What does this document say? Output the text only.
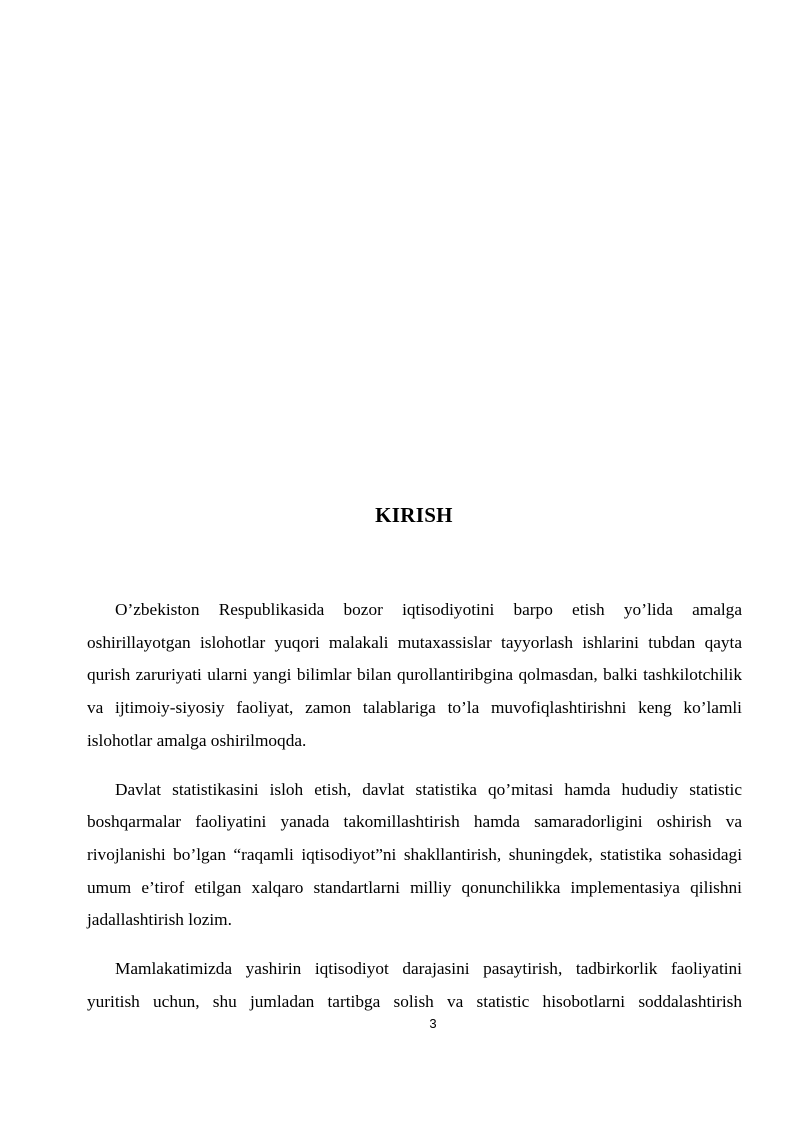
KIRISH

O’zbekiston Respublikasida bozor iqtisodiyotini barpo etish yo’lida amalga oshirillayotgan islohotlar yuqori malakali mutaxassislar tayyorlash ishlarini tubdan qayta qurish zaruriyati ularni yangi bilimlar bilan qurollantiribgina qolmasdan, balki tashkilotchilik va ijtimoiy-siyosiy faoliyat, zamon talablariga to’la muvofiqlashtirishni keng ko’lamli islohotlar amalga oshirilmoqda.

Davlat statistikasini isloh etish, davlat statistika qo’mitasi hamda hududiy statistic boshqarmalar faoliyatini yanada takomillashtirish hamda samaradorligini oshirish va rivojlanishi bo’lgan “raqamli iqtisodiyot”ni shakllantirish, shuningdek, statistika sohasidagi umum e’tirof etilgan xalqaro standartlarni milliy qonunchilikka implementasiya qilishni jadallashtirish lozim.

Mamlakatimizda yashirin iqtisodiyot darajasini pasaytirish, tadbirkorlik faoliyatini yuritish uchun, shu jumladan tartibga solish va statistic hisobotlarni soddalashtirish

3
